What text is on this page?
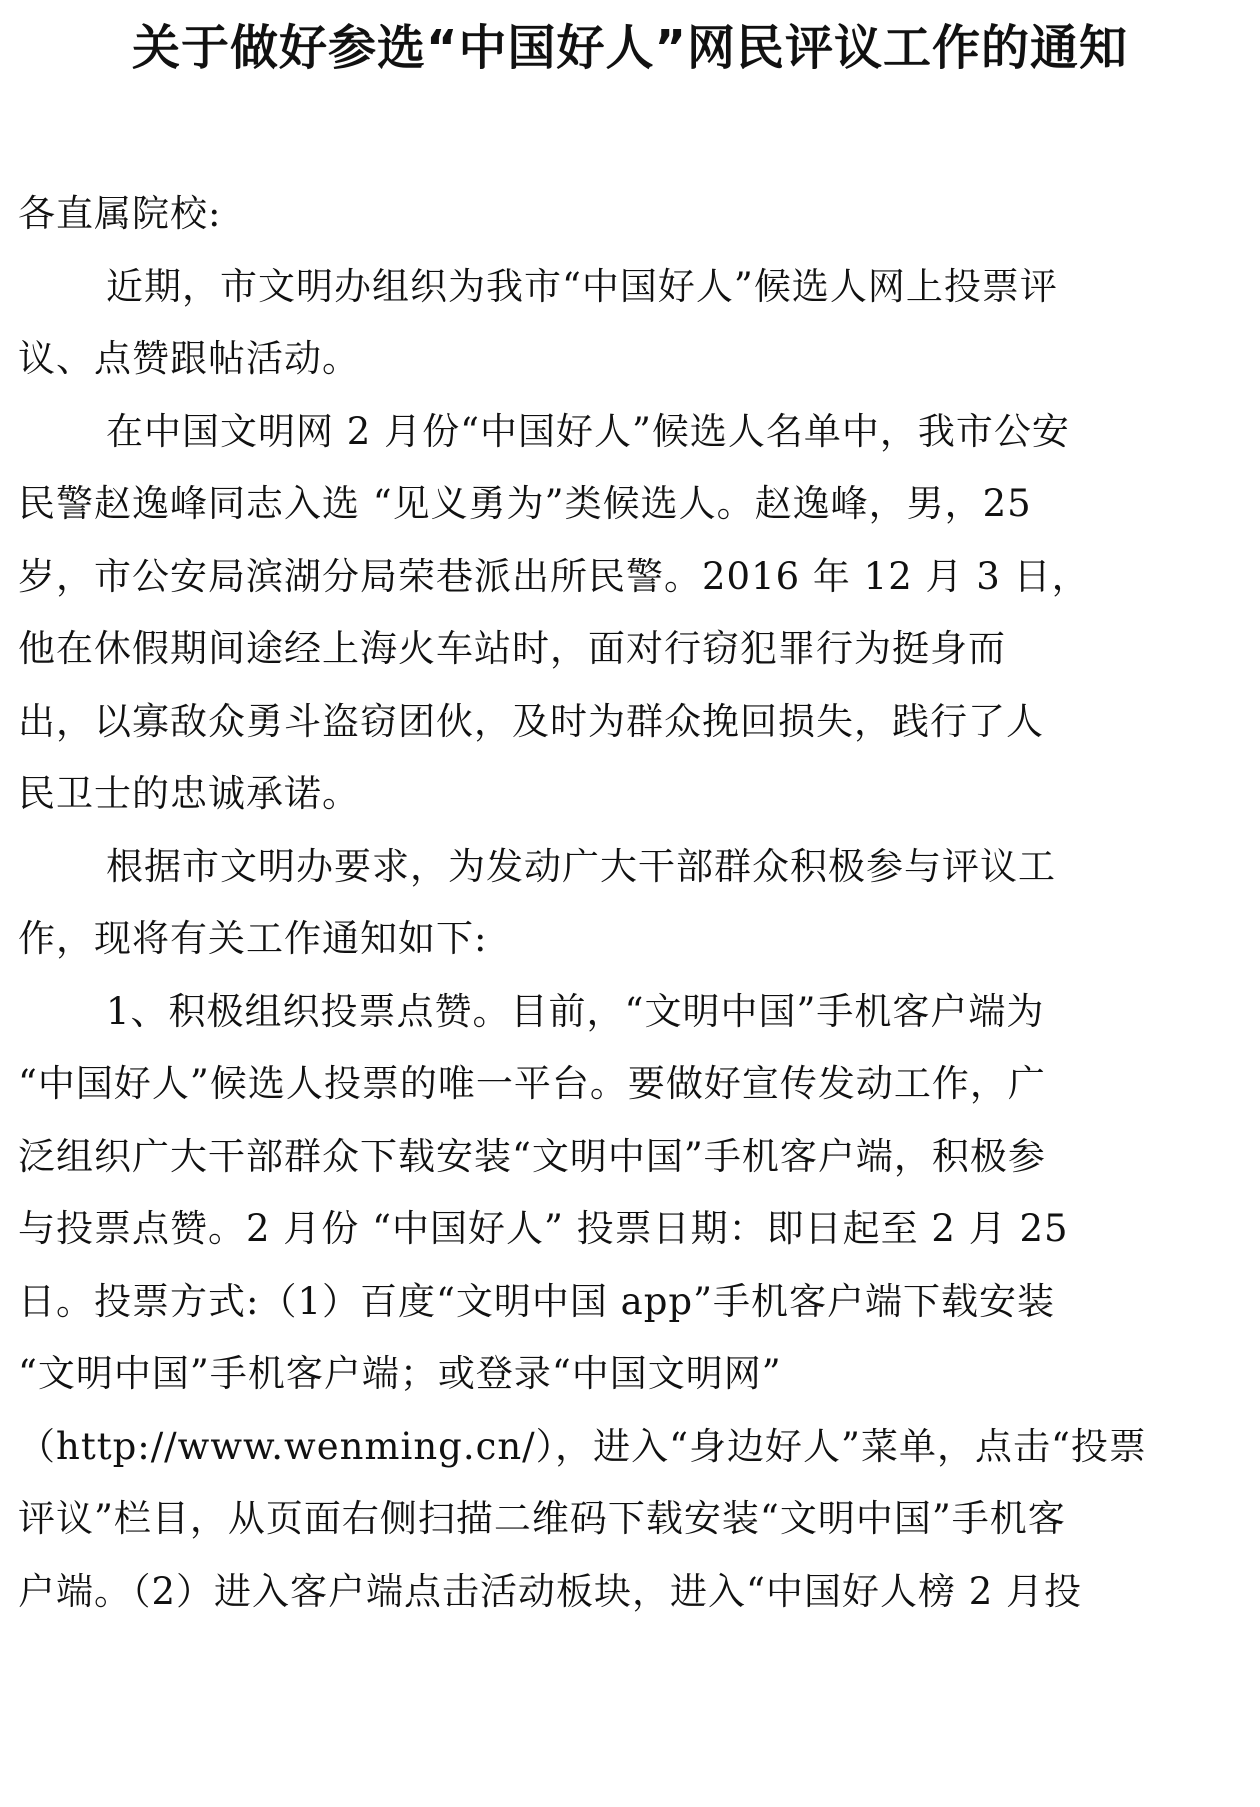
关于做好参选“中国好人”网民评议工作的通知

各直属院校:

近期，市文明办组织为我市“中国好人”候选人网上投票评
议、点赞跟帖活动。
在中国文明网 2 月份“中国好人”候选人名单中，我市公安
民警赵逸峰同志入选 “见义勇为”类候选人。赵逸峰，男，25
岁，市公安局滨湖分局荣巷派出所民警。2016 年 12 月 3 日，
他在休假期间途经上海火车站时，面对行窃犯罪行为挺身而
出，以寡敌众勇斗盗窃团伙，及时为群众挽回损失，践行了人
民卫士的忠诚承诺。
根据市文明办要求，为发动广大干部群众积极参与评议工
作，现将有关工作通知如下:
1、积极组织投票点赞。目前，“文明中国”手机客户端为
“中国好人”候选人投票的唯一平台。要做好宣传发动工作，广
泛组织广大干部群众下载安装“文明中国”手机客户端，积极参
与投票点赞。2 月份 “中国好人” 投票日期：即日起至 2 月 25
日。投票方式:（1）百度“文明中国 app”手机客户端下载安装
“文明中国”手机客户端；或登录“中国文明网”
（http://www.wenming.cn/），进入“身边好人”菜单，点击“投票
评议”栏目，从页面右侧扫描二维码下载安装“文明中国”手机客
户端。（2）进入客户端点击活动板块，进入“中国好人榜 2 月投
